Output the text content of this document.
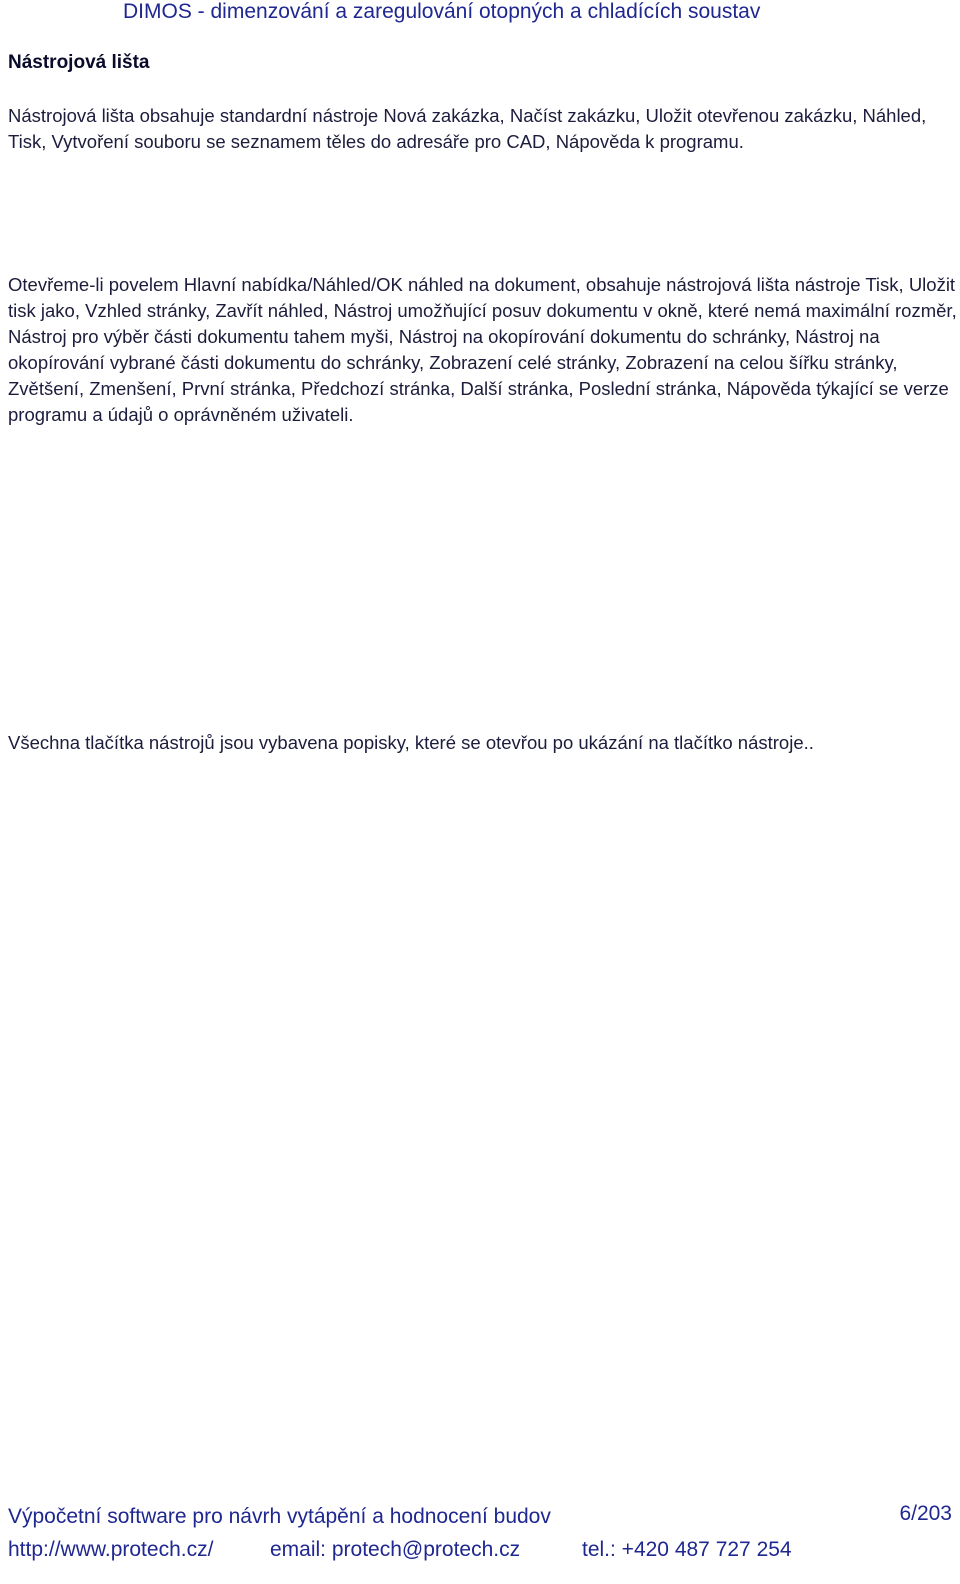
DIMOS - dimenzování a zaregulování otopných a chladících soustav
Nástrojová lišta
Nástrojová lišta obsahuje standardní nástroje Nová zakázka, Načíst zakázku, Uložit otevřenou zakázku, Náhled, Tisk, Vytvoření souboru se seznamem těles do adresáře pro CAD, Nápověda k programu.
Otevřeme-li povelem Hlavní nabídka/Náhled/OK náhled na dokument, obsahuje nástrojová lišta nástroje Tisk, Uložit tisk jako, Vzhled stránky, Zavřít náhled, Nástroj umožňující posuv dokumentu v okně, které nemá maximální rozměr, Nástroj pro výběr části dokumentu tahem myši, Nástroj na okopírování dokumentu do schránky, Nástroj na okopírování vybrané části dokumentu do schránky, Zobrazení celé stránky, Zobrazení na celou šířku stránky, Zvětšení, Zmenšení, První stránka, Předchozí stránka, Další stránka, Poslední stránka, Nápověda týkající se verze programu a údajů o oprávněném uživateli.
Všechna tlačítka nástrojů jsou vybavena popisky, které se otevřou po ukázání na tlačítko nástroje..
Výpočetní software pro návrh vytápění a hodnocení budov	6/203
http://www.protech.cz/	email: protech@protech.cz	tel.: +420 487 727 254
